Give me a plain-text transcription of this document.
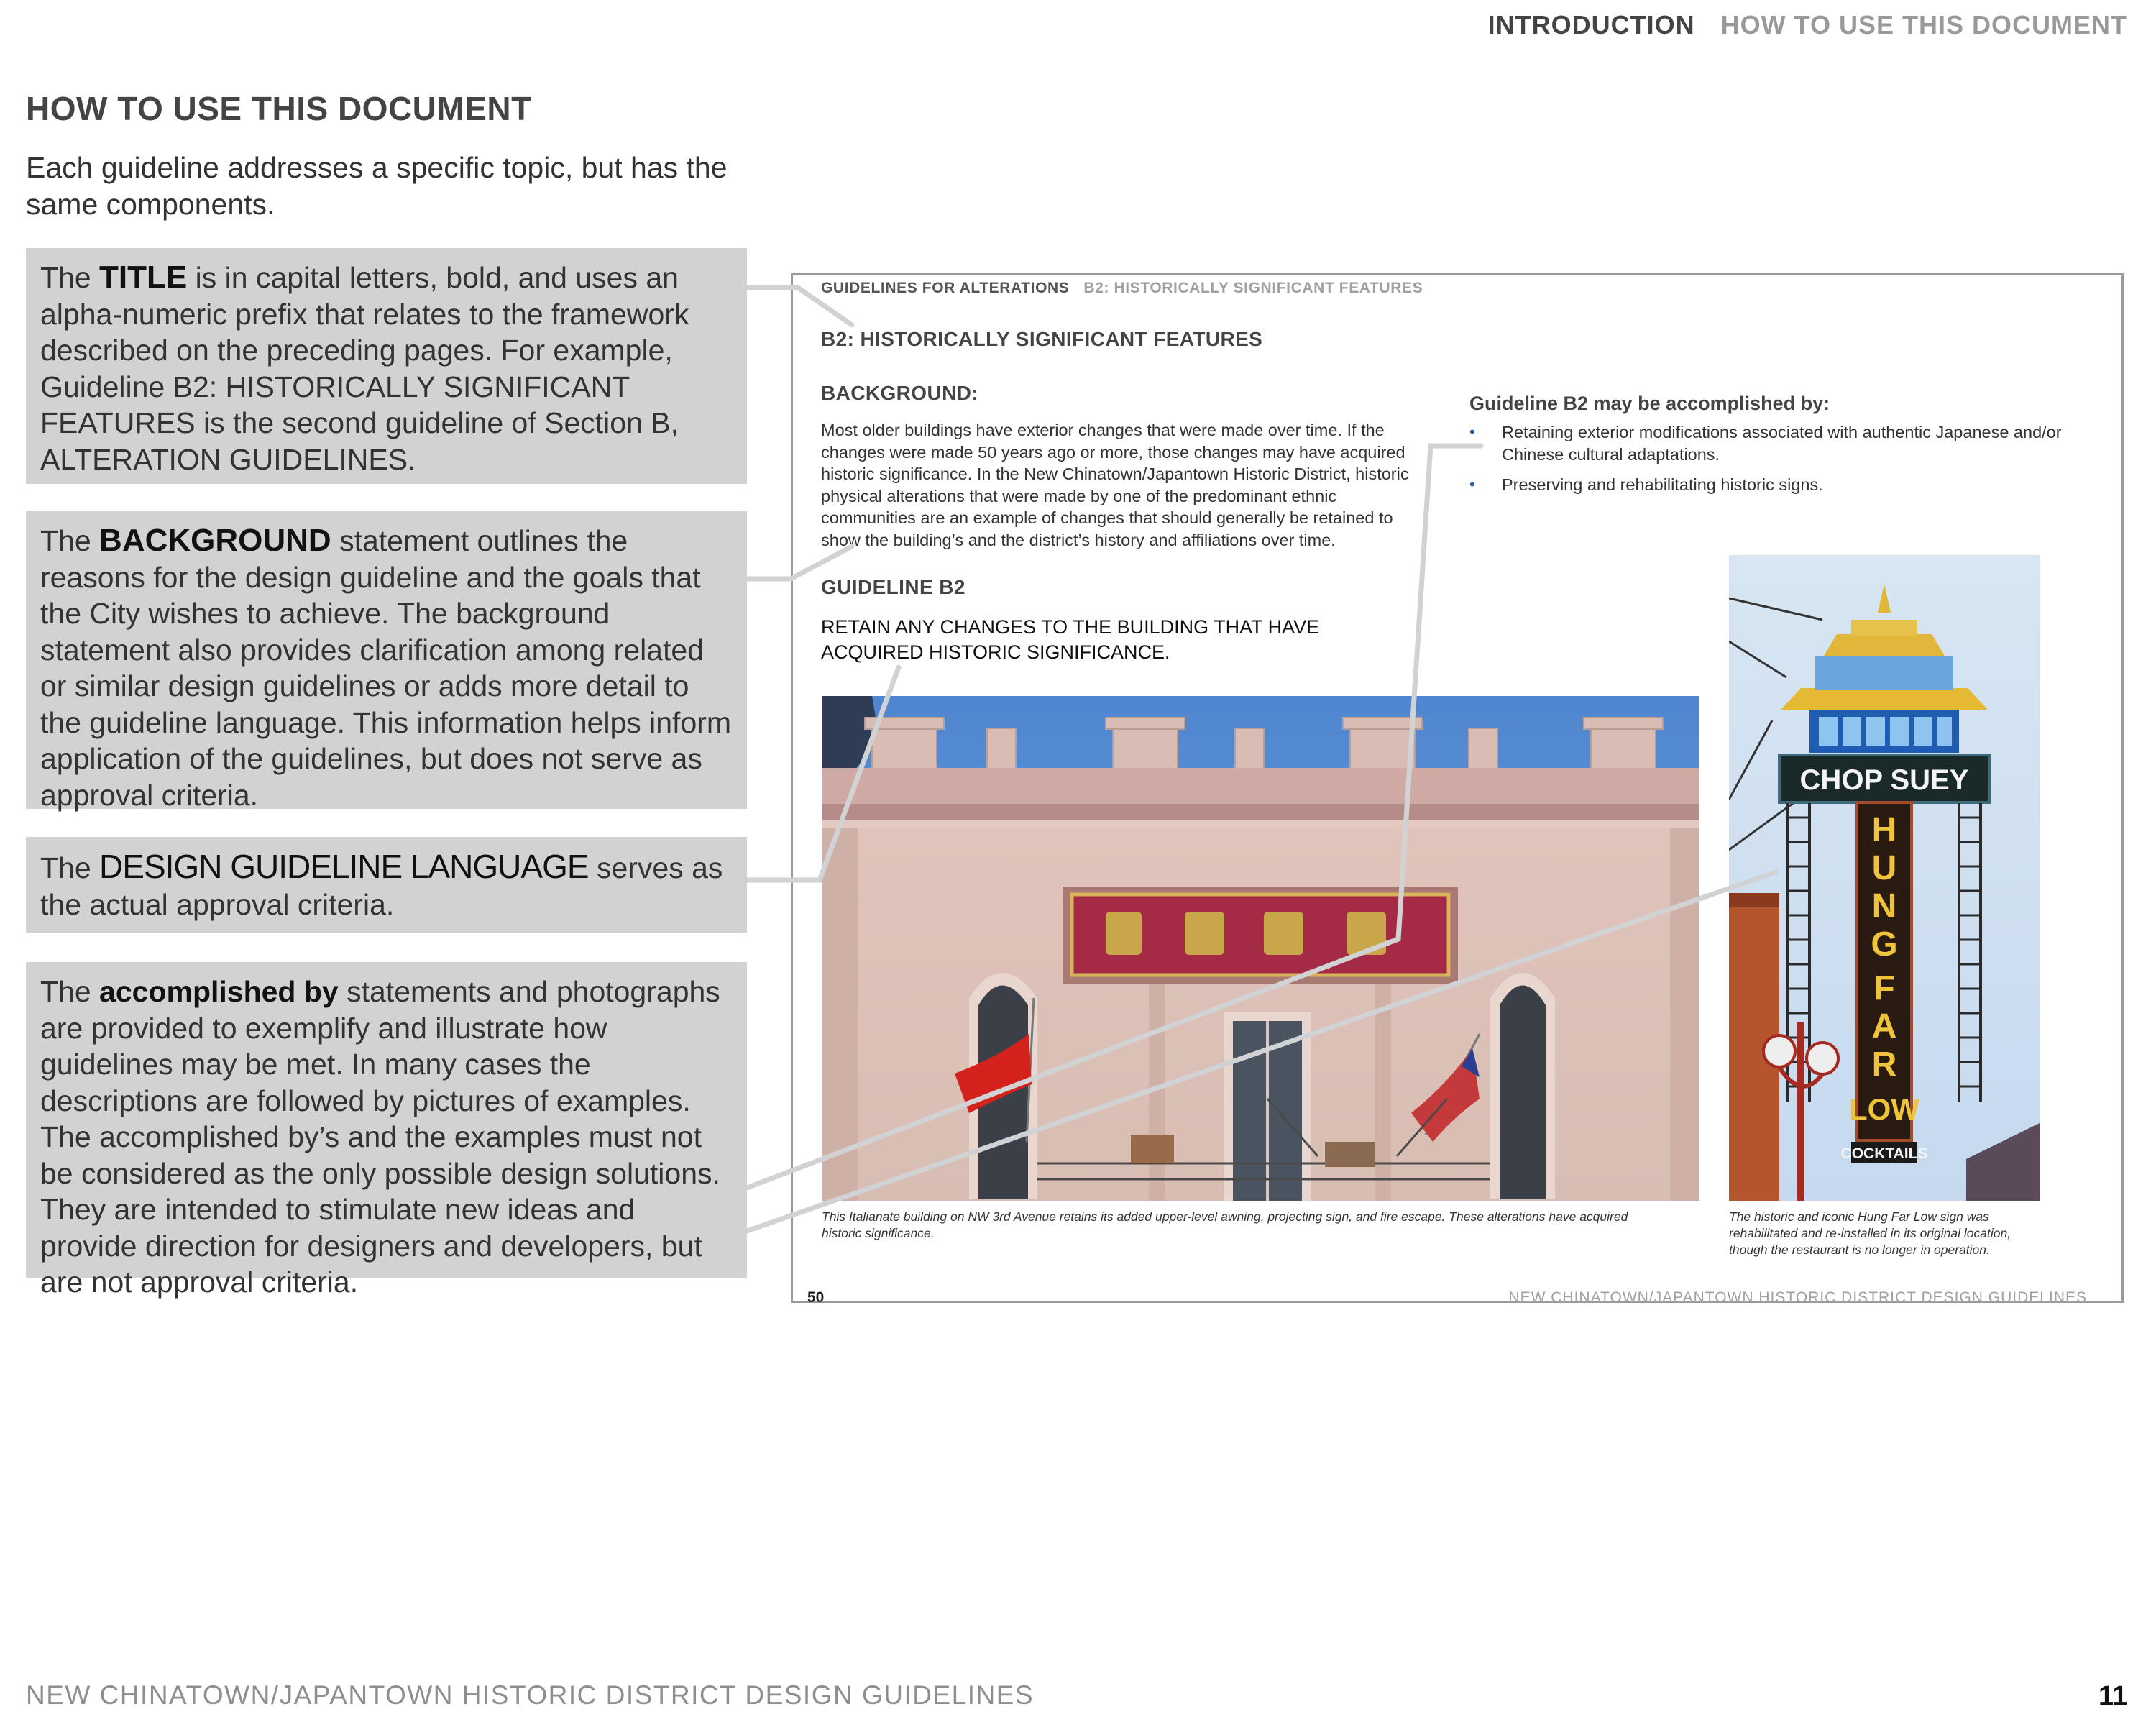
INTRODUCTION HOW TO USE THIS DOCUMENT
HOW TO USE THIS DOCUMENT
Each guideline addresses a specific topic, but has the same components.
The TITLE is in capital letters, bold, and uses an alpha-numeric prefix that relates to the framework described on the preceding pages. For example, Guideline B2: HISTORICALLY SIGNIFICANT FEATURES is the second guideline of Section B, ALTERATION GUIDELINES.
The BACKGROUND statement outlines the reasons for the design guideline and the goals that the City wishes to achieve. The background statement also provides clarification among related or similar design guidelines or adds more detail to the guideline language. This information helps inform application of the guidelines, but does not serve as approval criteria.
The DESIGN GUIDELINE LANGUAGE serves as the actual approval criteria.
The accomplished by statements and photographs are provided to exemplify and illustrate how guidelines may be met. In many cases the descriptions are followed by pictures of examples. The accomplished by’s and the examples must not be considered as the only possible design solutions. They are intended to stimulate new ideas and provide direction for designers and developers, but are not approval criteria.
GUIDELINES FOR ALTERATIONS B2: HISTORICALLY SIGNIFICANT FEATURES
B2: HISTORICALLY SIGNIFICANT FEATURES
BACKGROUND:
Most older buildings have exterior changes that were made over time. If the changes were made 50 years ago or more, those changes may have acquired historic significance. In the New Chinatown/Japantown Historic District, historic physical alterations that were made by one of the predominant ethnic communities are an example of changes that should generally be retained to show the building’s and the district’s history and affiliations over time.
GUIDELINE B2
RETAIN ANY CHANGES TO THE BUILDING THAT HAVE ACQUIRED HISTORIC SIGNIFICANCE.
Guideline B2 may be accomplished by:
• Retaining exterior modifications associated with authentic Japanese and/or Chinese cultural adaptations.
• Preserving and rehabilitating historic signs.
CHOP SUEY
H
U
N
G
F
A
R
LOW
COCKTAILS
This Italianate building on NW 3rd Avenue retains its added upper-level awning, projecting sign, and fire escape. These alterations have acquired historic significance.
The historic and iconic Hung Far Low sign was rehabilitated and re-installed in its original location, though the restaurant is no longer in operation.
50	NEW CHINATOWN/JAPANTOWN HISTORIC DISTRICT DESIGN GUIDELINES
NEW CHINATOWN/JAPANTOWN HISTORIC DISTRICT DESIGN GUIDELINES	11
